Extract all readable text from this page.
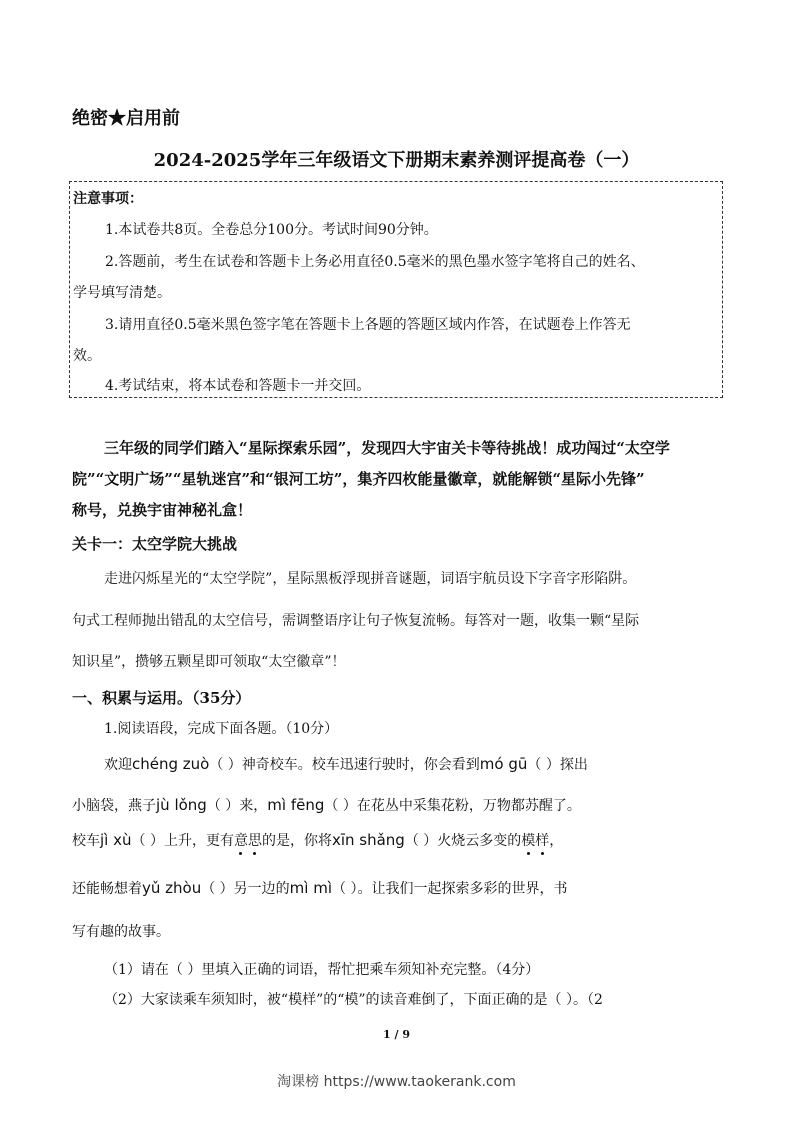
绝密★启用前
2024-2025学年三年级语文下册期末素养测评提高卷（一）
注意事项：
1.本试卷共8页。全卷总分100分。考试时间90分钟。
2.答题前，考生在试卷和答题卡上务必用直径0.5毫米的黑色墨水签字笔将自己的姓名、
学号填写清楚。
3.请用直径0.5毫米黑色签字笔在答题卡上各题的答题区域内作答，在试题卷上作答无
效。
4.考试结束，将本试卷和答题卡一并交回。
三年级的同学们踏入“星际探索乐园”，发现四大宇宙关卡等待挑战！成功闯过“太空学
院”“文明广场”“星轨迷宫”和“银河工坊”，集齐四枚能量徽章，就能解锁“星际小先锋”
称号，兑换宇宙神秘礼盒！
关卡一：太空学院大挑战
走进闪烁星光的“太空学院”，星际黑板浮现拼音谜题，词语宇航员设下字音字形陷阱。
句式工程师抛出错乱的太空信号，需调整语序让句子恢复流畅。每答对一题，收集一颗“星际
知识星”，攒够五颗星即可领取“太空徽章”！
一、积累与运用。（35分）
1.阅读语段，完成下面各题。（10分）
欢迎chéng zuò（ ）神奇校车。校车迅速行驶时，你会看到mó gū（ ）探出
小脑袋，燕子jù lǒng（ ）来，mì fēng（ ）在花丛中采集花粉，万物都苏醒了。
校车jì xù（ ）上升，更有意思的是，你将xīn shǎng（ ）火烧云多变的模样，
还能畅想着yǔ zhòu（ ）另一边的mì mì（ ）。让我们一起探索多彩的世界，书
写有趣的故事。
（1）请在（ ）里填入正确的词语，帮忙把乘车须知补充完整。（4分）
（2）大家读乘车须知时，被“模样”的“模”的读音难倒了，下面正确的是（ ）。（2
1 / 9
淘课榜 https://www.taokerank.com
